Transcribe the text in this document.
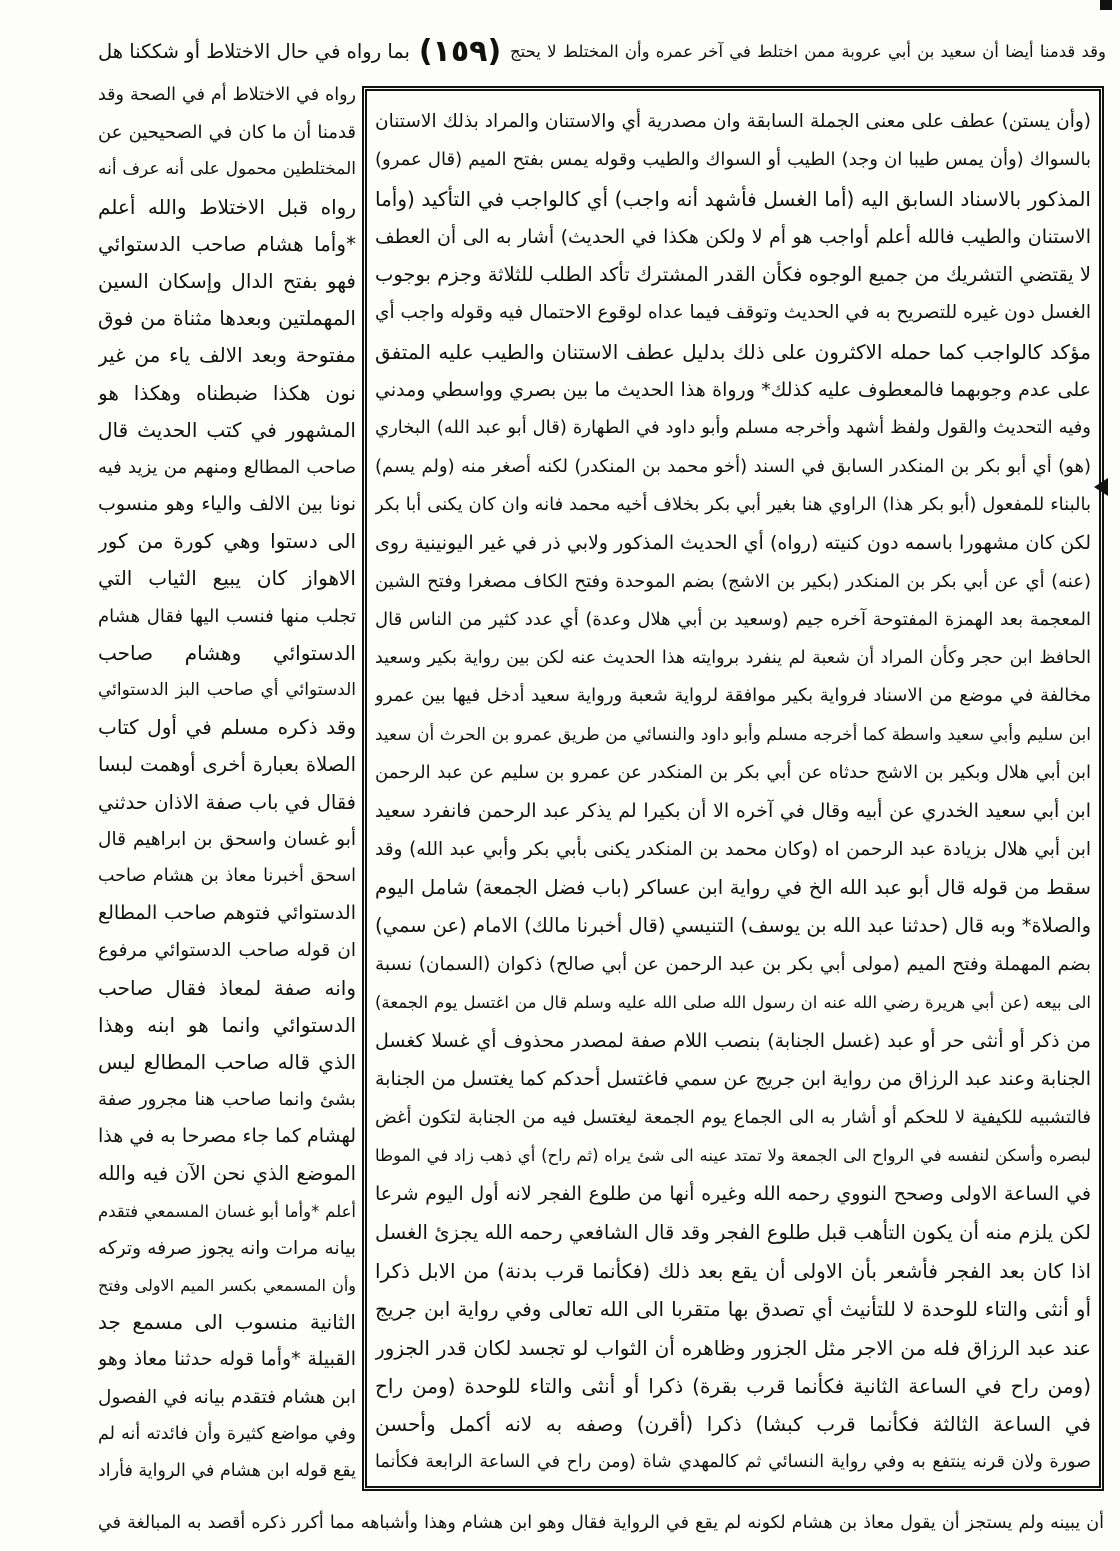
وقد قدمنا أيضا أن سعيد بن أبي عروبة ممن اختلط في آخر عمره وأن المختلط لا يحتج
(١٥٩)
بما رواه في حال الاختلاط أو شككنا هل
رواه في الاختلاط أم في الصحة وقد
قدمنا أن ما كان في الصحيحين عن
المختلطين محمول على أنه عرف أنه
رواه قبل الاختلاط والله أعلم
*وأما هشام صاحب الدستوائي
فهو بفتح الدال وإسكان السين
المهملتين وبعدها مثناة من فوق
مفتوحة وبعد الالف ياء من غير
نون هكذا ضبطناه وهكذا هو
المشهور في كتب الحديث قال
صاحب المطالع ومنهم من يزيد فيه
نونا بين الالف والياء وهو منسوب
الى دستوا وهي كورة من كور
الاهواز كان يبيع الثياب التي
تجلب منها فنسب اليها فقال هشام
الدستوائي وهشام صاحب
الدستوائي أي صاحب البز الدستوائي
وقد ذكره مسلم في أول كتاب
الصلاة بعبارة أخرى أوهمت لبسا
فقال في باب صفة الاذان حدثني
أبو غسان واسحق بن ابراهيم قال
اسحق أخبرنا معاذ بن هشام صاحب
الدستوائي فتوهم صاحب المطالع
ان قوله صاحب الدستوائي مرفوع
وانه صفة لمعاذ فقال صاحب
الدستوائي وانما هو ابنه وهذا
الذي قاله صاحب المطالع ليس
بشئ وانما صاحب هنا مجرور صفة
لهشام كما جاء مصرحا به في هذا
الموضع الذي نحن الآن فيه والله
أعلم *وأما أبو غسان المسمعي فتقدم
بيانه مرات وانه يجوز صرفه وتركه
وأن المسمعي بكسر الميم الاولى وفتح
الثانية منسوب الى مسمع جد
القبيلة *وأما قوله حدثنا معاذ وهو
ابن هشام فتقدم بيانه في الفصول
وفي مواضع كثيرة وأن فائدته أنه لم
يقع قوله ابن هشام في الرواية فأراد
(وأن يستن) عطف على معنى الجملة السابقة وان مصدرية أي والاستنان والمراد بذلك الاستنان
بالسواك (وأن يمس طيبا ان وجد) الطيب أو السواك والطيب وقوله يمس بفتح الميم (قال عمرو)
المذكور بالاسناد السابق اليه (أما الغسل فأشهد أنه واجب) أي كالواجب في التأكيد (وأما
الاستنان والطيب فالله أعلم أواجب هو أم لا ولكن هكذا في الحديث) أشار به الى أن العطف
لا يقتضي التشريك من جميع الوجوه فكأن القدر المشترك تأكد الطلب للثلاثة وجزم بوجوب
الغسل دون غيره للتصريح به في الحديث وتوقف فيما عداه لوقوع الاحتمال فيه وقوله واجب أي
مؤكد كالواجب كما حمله الاكثرون على ذلك بدليل عطف الاستنان والطيب عليه المتفق
على عدم وجوبهما فالمعطوف عليه كذلك* ورواة هذا الحديث ما بين بصري وواسطي ومدني
وفيه التحديث والقول ولفظ أشهد وأخرجه مسلم وأبو داود في الطهارة (قال أبو عبد الله) البخاري
(هو) أي أبو بكر بن المنكدر السابق في السند (أخو محمد بن المنكدر) لكنه أصغر منه (ولم يسم)
بالبناء للمفعول (أبو بكر هذا) الراوي هنا بغير أبي بكر بخلاف أخيه محمد فانه وان كان يكنى أبا بكر
لكن كان مشهورا باسمه دون كنيته (رواه) أي الحديث المذكور ولابي ذر في غير اليونينية روى
(عنه) أي عن أبي بكر بن المنكدر (بكير بن الاشج) بضم الموحدة وفتح الكاف مصغرا وفتح الشين
المعجمة بعد الهمزة المفتوحة آخره جيم (وسعيد بن أبي هلال وعدة) أي عدد كثير من الناس قال
الحافظ ابن حجر وكأن المراد أن شعبة لم ينفرد بروايته هذا الحديث عنه لكن بين رواية بكير وسعيد
مخالفة في موضع من الاسناد فرواية بكير موافقة لرواية شعبة ورواية سعيد أدخل فيها بين عمرو
ابن سليم وأبي سعيد واسطة كما أخرجه مسلم وأبو داود والنسائي من طريق عمرو بن الحرث أن سعيد
ابن أبي هلال وبكير بن الاشج حدثاه عن أبي بكر بن المنكدر عن عمرو بن سليم عن عبد الرحمن
ابن أبي سعيد الخدري عن أبيه وقال في آخره الا أن بكيرا لم يذكر عبد الرحمن فانفرد سعيد
ابن أبي هلال بزيادة عبد الرحمن اه (وكان محمد بن المنكدر يكنى بأبي بكر وأبي عبد الله) وقد
سقط من قوله قال أبو عبد الله الخ في رواية ابن عساكر (باب فضل الجمعة) شامل اليوم
والصلاة* وبه قال (حدثنا عبد الله بن يوسف) التنيسي (قال أخبرنا مالك) الامام (عن سمي)
بضم المهملة وفتح الميم (مولى أبي بكر بن عبد الرحمن عن أبي صالح) ذكوان (السمان) نسبة
الى بيعه (عن أبي هريرة رضي الله عنه ان رسول الله صلى الله عليه وسلم قال من اغتسل يوم الجمعة)
من ذكر أو أنثى حر أو عبد (غسل الجنابة) بنصب اللام صفة لمصدر محذوف أي غسلا كغسل
الجنابة وعند عبد الرزاق من رواية ابن جريج عن سمي فاغتسل أحدكم كما يغتسل من الجنابة
فالتشبيه للكيفية لا للحكم أو أشار به الى الجماع يوم الجمعة ليغتسل فيه من الجنابة لتكون أغض
لبصره وأسكن لنفسه في الرواح الى الجمعة ولا تمتد عينه الى شئ يراه (ثم راح) أي ذهب زاد في الموطا
في الساعة الاولى وصحح النووي رحمه الله وغيره أنها من طلوع الفجر لانه أول اليوم شرعا
لكن يلزم منه أن يكون التأهب قبل طلوع الفجر وقد قال الشافعي رحمه الله يجزئ الغسل
اذا كان بعد الفجر فأشعر بأن الاولى أن يقع بعد ذلك (فكأنما قرب بدنة) من الابل ذكرا
أو أنثى والتاء للوحدة لا للتأنيث أي تصدق بها متقربا الى الله تعالى وفي رواية ابن جريج
عند عبد الرزاق فله من الاجر مثل الجزور وظاهره أن الثواب لو تجسد لكان قدر الجزور
(ومن راح في الساعة الثانية فكأنما قرب بقرة) ذكرا أو أنثى والتاء للوحدة (ومن راح
في الساعة الثالثة فكأنما قرب كبشا) ذكرا (أقرن) وصفه به لانه أكمل وأحسن
صورة ولان قرنه ينتفع به وفي رواية النسائي ثم كالمهدي شاة (ومن راح في الساعة الرابعة فكأنما
أن يبينه ولم يستجز أن يقول معاذ بن هشام لكونه لم يقع في الرواية فقال وهو ابن هشام وهذا وأشباهه مما أكرر ذكره أقصد به المبالغة في
